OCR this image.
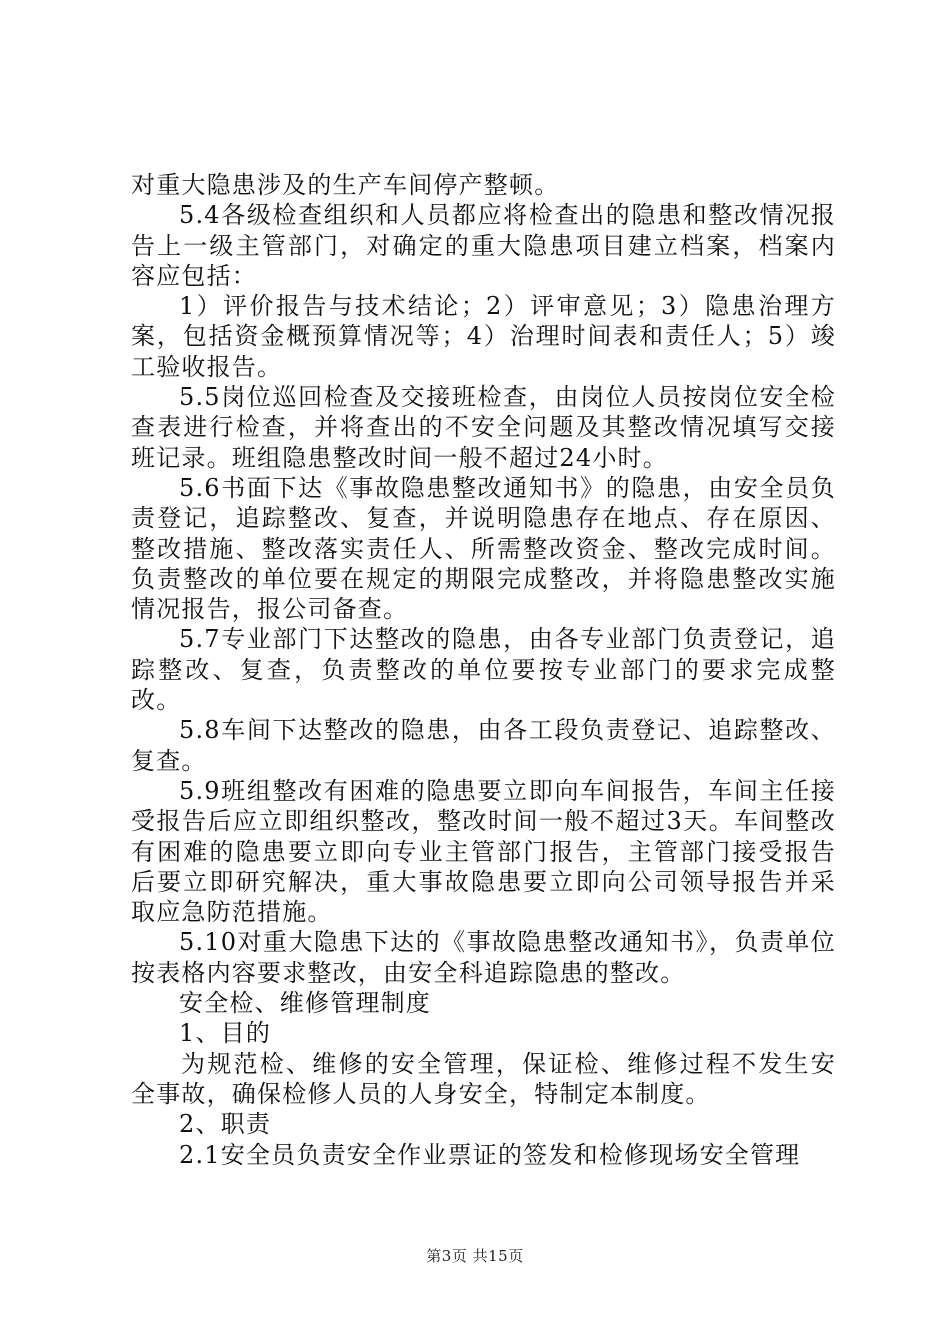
对重大隐患涉及的生产车间停产整顿。

5.4各级检查组织和人员都应将检查出的隐患和整改情况报告上一级主管部门，对确定的重大隐患项目建立档案，档案内容应包括：

1）评价报告与技术结论；2）评审意见；3）隐患治理方案，包括资金概预算情况等；4）治理时间表和责任人；5）竣工验收报告。

5.5岗位巡回检查及交接班检查，由岗位人员按岗位安全检查表进行检查，并将查出的不安全问题及其整改情况填写交接班记录。班组隐患整改时间一般不超过24小时。

5.6书面下达《事故隐患整改通知书》的隐患，由安全员负责登记，追踪整改、复查，并说明隐患存在地点、存在原因、整改措施、整改落实责任人、所需整改资金、整改完成时间。负责整改的单位要在规定的期限完成整改，并将隐患整改实施情况报告，报公司备查。

5.7专业部门下达整改的隐患，由各专业部门负责登记，追踪整改、复查，负责整改的单位要按专业部门的要求完成整改。

5.8车间下达整改的隐患，由各工段负责登记、追踪整改、复查。

5.9班组整改有困难的隐患要立即向车间报告，车间主任接受报告后应立即组织整改，整改时间一般不超过3天。车间整改有困难的隐患要立即向专业主管部门报告，主管部门接受报告后要立即研究解决，重大事故隐患要立即向公司领导报告并采取应急防范措施。

5.10对重大隐患下达的《事故隐患整改通知书》，负责单位按表格内容要求整改，由安全科追踪隐患的整改。

安全检、维修管理制度

1、目的

为规范检、维修的安全管理，保证检、维修过程不发生安全事故，确保检修人员的人身安全，特制定本制度。

2、职责

2.1安全员负责安全作业票证的签发和检修现场安全管理

第3页 共15页
